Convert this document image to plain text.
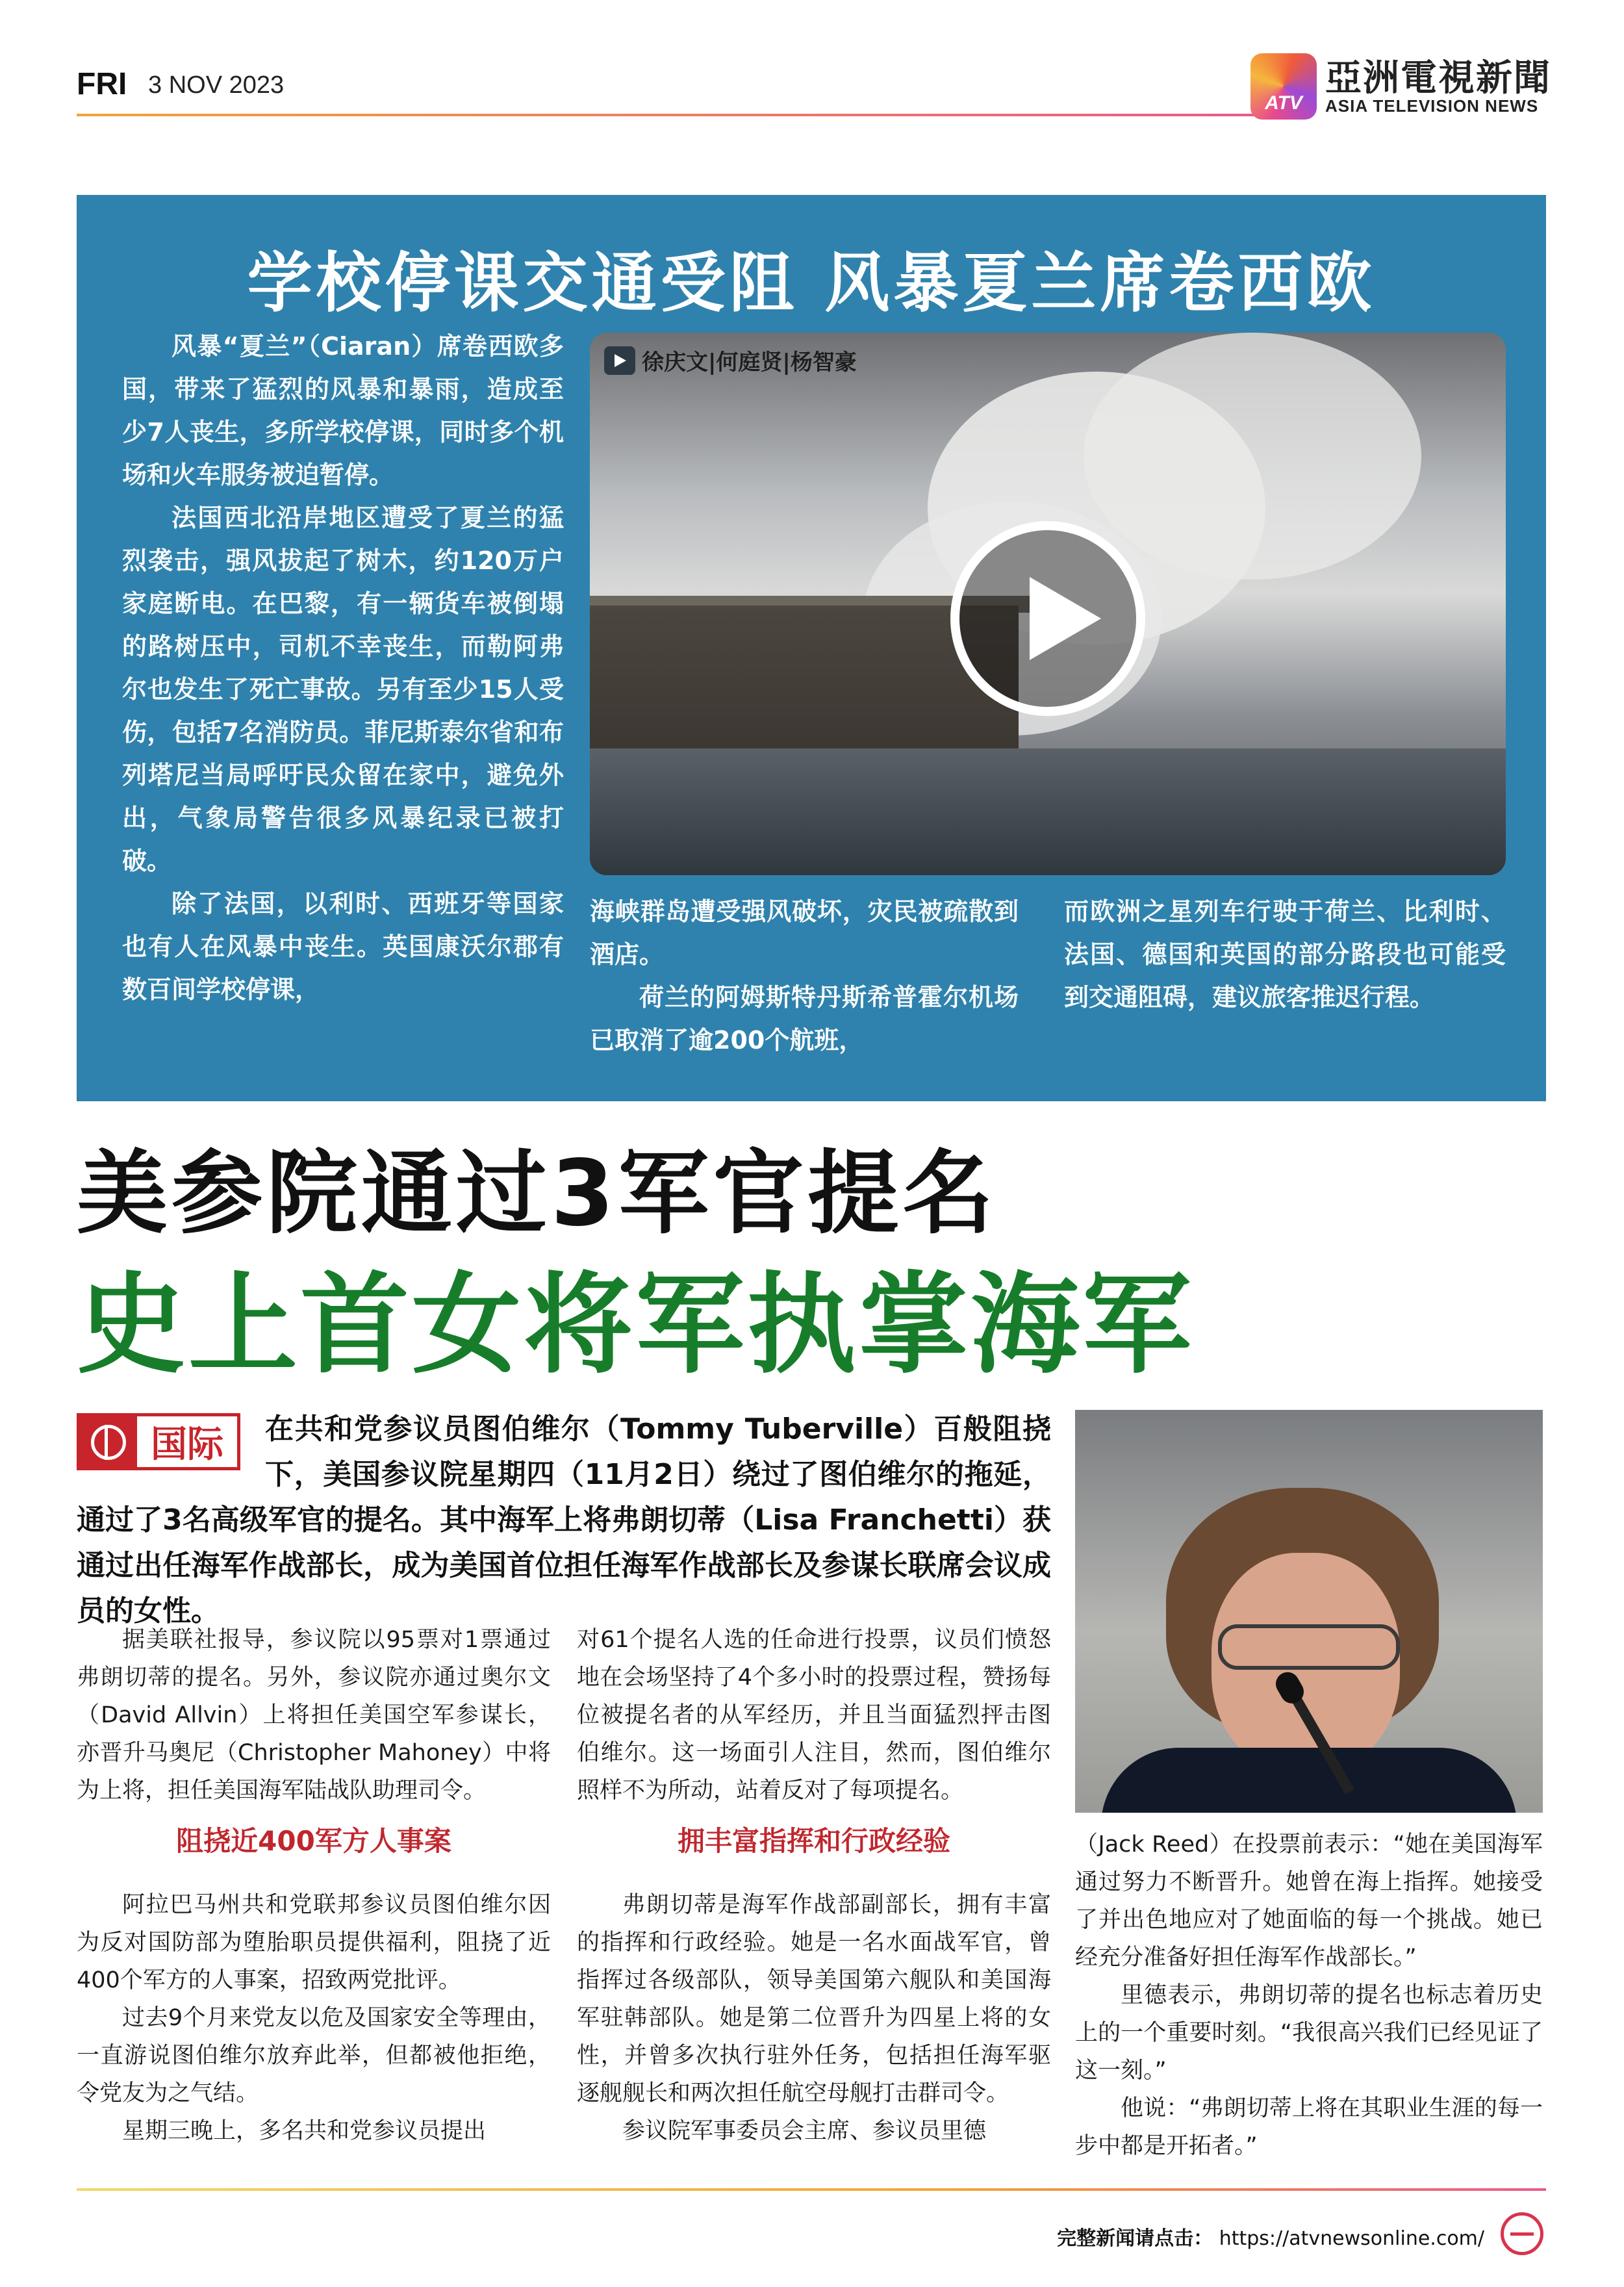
FRI 3 NOV 2023
ATV
亞洲電視新聞
ASIA TELEVISION NEWS
学校停课交通受阻 风暴夏兰席卷西欧

风暴“夏兰”（Ciaran）席卷西欧多国，带来了猛烈的风暴和暴雨，造成至少7人丧生，多所学校停课，同时多个机场和火车服务被迫暂停。

法国西北沿岸地区遭受了夏兰的猛烈袭击，强风拔起了树木，约120万户家庭断电。在巴黎，有一辆货车被倒塌的路树压中，司机不幸丧生，而勒阿弗尔也发生了死亡事故。另有至少15人受伤，包括7名消防员。菲尼斯泰尔省和布列塔尼当局呼吁民众留在家中，避免外出，气象局警告很多风暴纪录已被打破。

除了法国，以利时、西班牙等国家也有人在风暴中丧生。英国康沃尔郡有数百间学校停课，

徐庆文|何庭贤|杨智豪

海峡群岛遭受强风破坏，灾民被疏散到酒店。

荷兰的阿姆斯特丹斯希普霍尔机场已取消了逾200个航班，

而欧洲之星列车行驶于荷兰、比利时、法国、德国和英国的部分路段也可能受到交通阻碍，建议旅客推迟行程。

美参院通过3军官提名
史上首女将军执掌海军
在共和党参议员图伯维尔（Tommy Tuberville）百般阻挠下，美国参议院星期四（11月2日）绕过了图伯维尔的拖延，通过了3名高级军官的提名。其中海军上将弗朗切蒂（Lisa Franchetti）获通过出任海军作战部长，成为美国首位担任海军作战部长及参谋长联席会议成员的女性。
国际

据美联社报导，参议院以95票对1票通过弗朗切蒂的提名。另外，参议院亦通过奥尔文（David Allvin）上将担任美国空军参谋长，亦晋升马奥尼（Christopher Mahoney）中将为上将，担任美国海军陆战队助理司令。

阻挠近400军方人事案

阿拉巴马州共和党联邦参议员图伯维尔因为反对国防部为堕胎职员提供福利，阻挠了近400个军方的人事案，招致两党批评。

过去9个月来党友以危及国家安全等理由，一直游说图伯维尔放弃此举，但都被他拒绝，令党友为之气结。

星期三晚上，多名共和党参议员提出

对61个提名人选的任命进行投票，议员们愤怒地在会场坚持了4个多小时的投票过程，赞扬每位被提名者的从军经历，并且当面猛烈抨击图伯维尔。这一场面引人注目，然而，图伯维尔照样不为所动，站着反对了每项提名。

拥丰富指挥和行政经验

弗朗切蒂是海军作战部副部长，拥有丰富的指挥和行政经验。她是一名水面战军官，曾指挥过各级部队，领导美国第六舰队和美国海军驻韩部队。她是第二位晋升为四星上将的女性，并曾多次执行驻外任务，包括担任海军驱逐舰舰长和两次担任航空母舰打击群司令。

参议院军事委员会主席、参议员里德

（Jack Reed）在投票前表示：“她在美国海军通过努力不断晋升。她曾在海上指挥。她接受了并出色地应对了她面临的每一个挑战。她已经充分准备好担任海军作战部长。”

里德表示，弗朗切蒂的提名也标志着历史上的一个重要时刻。“我很高兴我们已经见证了这一刻。”

他说：“弗朗切蒂上将在其职业生涯的每一步中都是开拓者。”

完整新闻请点击： https://atvnewsonline.com/
